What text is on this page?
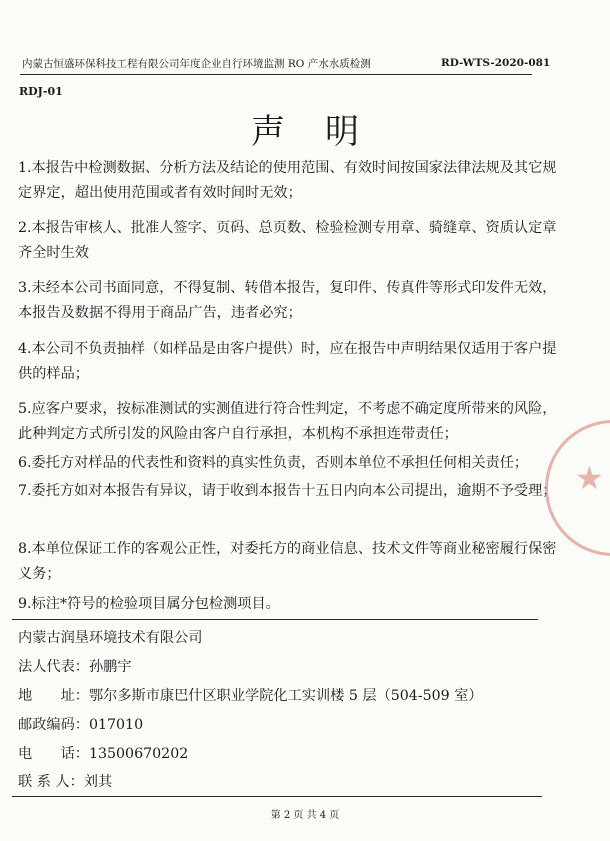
内蒙古恒盛环保科技工程有限公司年度企业自行环境监测 RO 产水水质检测	RD-WTS-2020-081
RDJ-01
声明
1.本报告中检测数据、分析方法及结论的使用范围、有效时间按国家法律法规及其它规定界定，超出使用范围或者有效时间时无效；
2.本报告审核人、批准人签字、页码、总页数、检验检测专用章、骑缝章、资质认定章齐全时生效
3.未经本公司书面同意，不得复制、转借本报告，复印件、传真件等形式印发件无效，本报告及数据不得用于商品广告，违者必究；
4.本公司不负责抽样（如样品是由客户提供）时，应在报告中声明结果仅适用于客户提供的样品；
5.应客户要求，按标准测试的实测值进行符合性判定，不考虑不确定度所带来的风险，此种判定方式所引发的风险由客户自行承担，本机构不承担连带责任；
6.委托方对样品的代表性和资料的真实性负责，否则本单位不承担任何相关责任；
7.委托方如对本报告有异议，请于收到本报告十五日内向本公司提出，逾期不予受理；
8.本单位保证工作的客观公正性，对委托方的商业信息、技术文件等商业秘密履行保密义务；
9.标注*符号的检验项目属分包检测项目。
内蒙古润垦环境技术有限公司
法人代表：孙鹏宇
地　　址：鄂尔多斯市康巴什区职业学院化工实训楼 5 层（504-509 室）
邮政编码：017010
电　　话：13500670202
联 系 人：刘其
第 2 页 共 4 页
★
